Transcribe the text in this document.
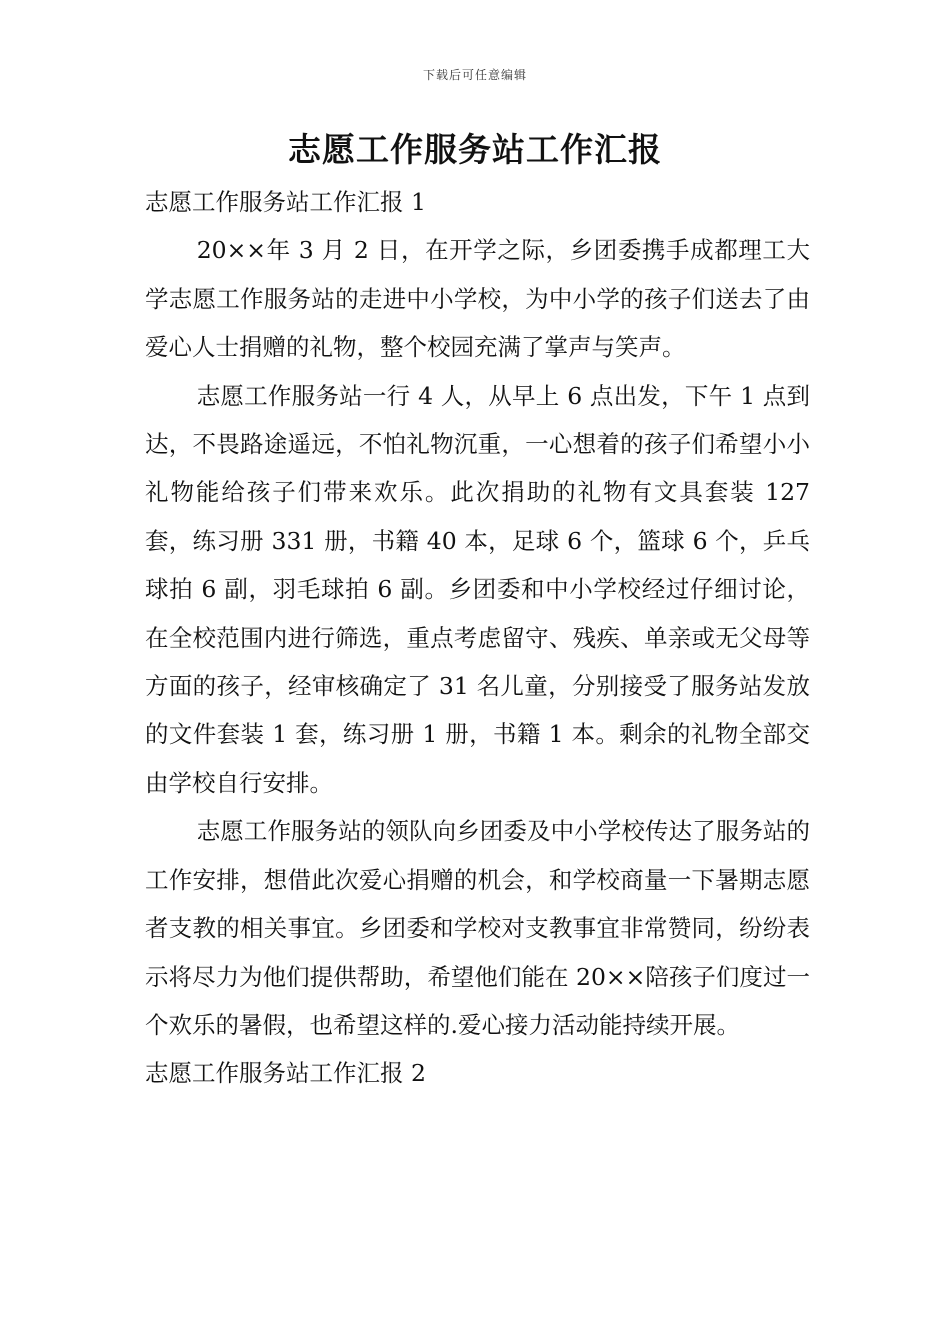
下载后可任意编辑
志愿工作服务站工作汇报

志愿工作服务站工作汇报 1

20××年 3 月 2 日，在开学之际，乡团委携手成都理工大学志愿工作服务站的走进中小学校，为中小学的孩子们送去了由爱心人士捐赠的礼物，整个校园充满了掌声与笑声。

志愿工作服务站一行 4 人，从早上 6 点出发，下午 1 点到达，不畏路途遥远，不怕礼物沉重，一心想着的孩子们希望小小礼物能给孩子们带来欢乐。此次捐助的礼物有文具套装 127 套，练习册 331 册，书籍 40 本，足球 6 个，篮球 6 个，乒乓球拍 6 副，羽毛球拍 6 副。乡团委和中小学校经过仔细讨论，在全校范围内进行筛选，重点考虑留守、残疾、单亲或无父母等方面的孩子，经审核确定了 31 名儿童，分别接受了服务站发放的文件套装 1 套，练习册 1 册，书籍 1 本。剩余的礼物全部交由学校自行安排。

志愿工作服务站的领队向乡团委及中小学校传达了服务站的工作安排，想借此次爱心捐赠的机会，和学校商量一下暑期志愿者支教的相关事宜。乡团委和学校对支教事宜非常赞同，纷纷表示将尽力为他们提供帮助，希望他们能在 20××陪孩子们度过一个欢乐的暑假，也希望这样的.爱心接力活动能持续开展。

志愿工作服务站工作汇报 2
